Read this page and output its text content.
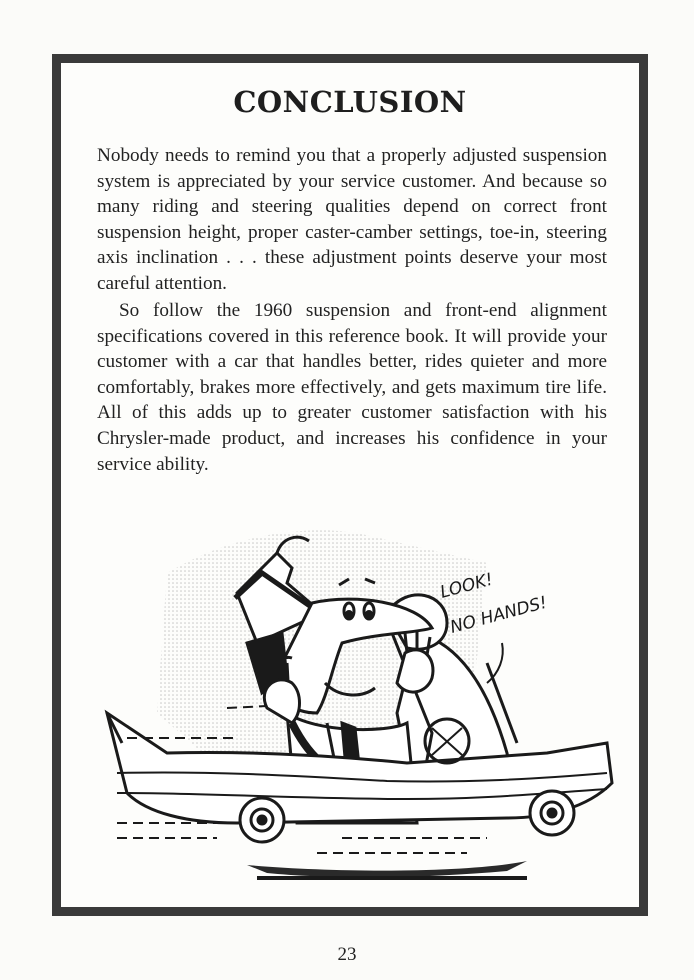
CONCLUSION
Nobody needs to remind you that a properly adjusted suspension system is appreciated by your service customer. And because so many riding and steering qualities depend on correct front suspension height, proper caster-camber settings, toe-in, steering axis inclination . . . these adjustment points deserve your most careful attention.
So follow the 1960 suspension and front-end alignment specifications covered in this reference book. It will provide your customer with a car that handles better, rides quieter and more comfortably, brakes more effectively, and gets maximum tire life. All of this adds up to greater customer satisfaction with his Chrysler-made product, and increases his confidence in your service ability.
LOOK!
NO HANDS!
23
